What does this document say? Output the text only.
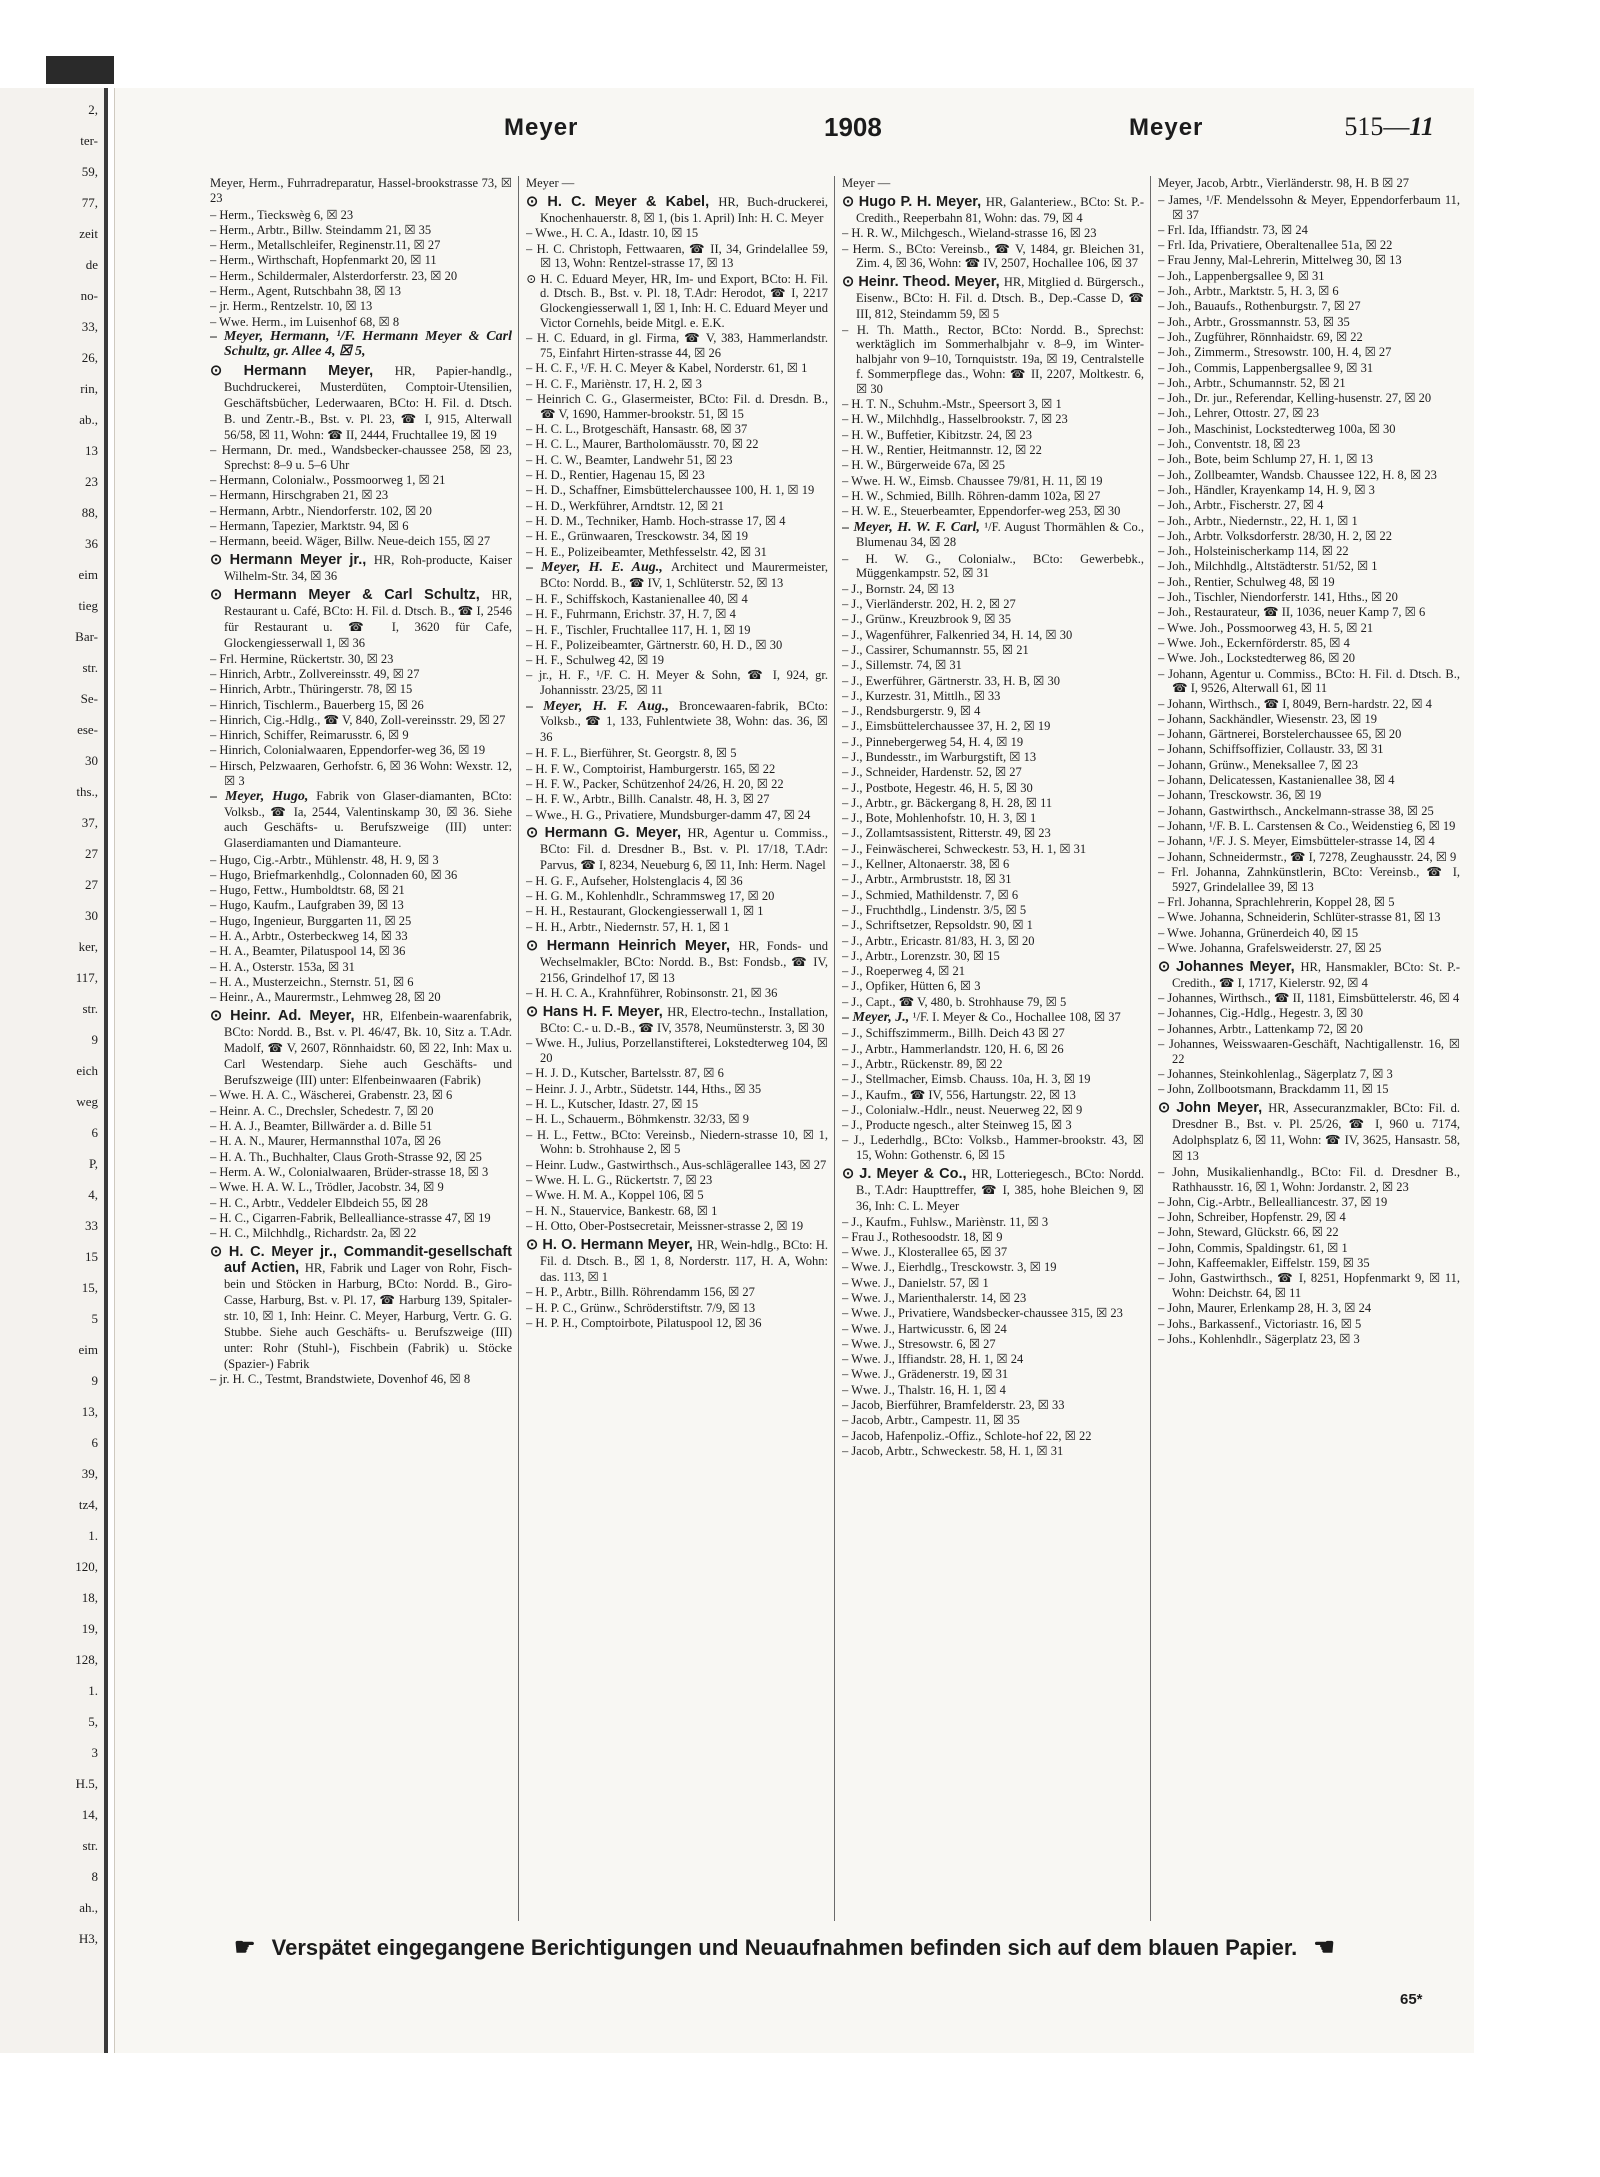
2,
ter-
59,
77,
zeit
de
no-
33,
26,
rin,
ab.,
13
23
88,
36
eim
tieg
Bar-
str.
Se-
ese-
30
ths.,
37,
27
27
30
ker,
117,
str.
9
eich
weg
6
P,
4,
33
15
15,
5
eim
9
13,
6
39,
tz4,
1.
120,
18,
19,
128,
1.
5,
3
H.5,
14,
str.
8
ah.,
H3,
Meyer	1908	Meyer	515—11
Meyer, Herm., Fuhrradreparatur, Hassel-brookstrasse 73, ☒ 23
– Herm., Tieckswèg 6, ☒ 23
– Herm., Arbtr., Billw. Steindamm 21, ☒ 35
– Herm., Metallschleifer, Reginenstr.11, ☒ 27
– Herm., Wirthschaft, Hopfenmarkt 20, ☒ 11
– Herm., Schildermaler, Alsterdorferstr. 23, ☒ 20
– Herm., Agent, Rutschbahn 38, ☒ 13
– jr. Herm., Rentzelstr. 10, ☒ 13
– Wwe. Herm., im Luisenhof 68, ☒ 8
– Meyer, Hermann, ¹/F. Hermann Meyer & Carl Schultz, gr. Allee 4, ☒ 5,
⊙ Hermann Meyer, HR, Papier-handlg., Buchdruckerei, Musterdüten, Comptoir-Utensilien, Geschäftsbücher, Lederwaaren, BCto: H. Fil. d. Dtsch. B. und Zentr.-B., Bst. v. Pl. 23, ☎ I, 915, Alterwall 56/58, ☒ 11, Wohn: ☎ II, 2444, Fruchtallee 19, ☒ 19
– Hermann, Dr. med., Wandsbecker-chaussee 258, ☒ 23, Sprechst: 8–9 u. 5–6 Uhr
– Hermann, Colonialw., Possmoorweg 1, ☒ 21
– Hermann, Hirschgraben 21, ☒ 23
– Hermann, Arbtr., Niendorferstr. 102, ☒ 20
– Hermann, Tapezier, Marktstr. 94, ☒ 6
– Hermann, beeid. Wäger, Billw. Neue-deich 155, ☒ 27
⊙ Hermann Meyer jr., HR, Roh-producte, Kaiser Wilhelm-Str. 34, ☒ 36
⊙ Hermann Meyer & Carl Schultz, HR, Restaurant u. Café, BCto: H. Fil. d. Dtsch. B., ☎ I, 2546 für Restaurant u. ☎ I, 3620 für Cafe, Glockengiesserwall 1, ☒ 36
– Frl. Hermine, Rückertstr. 30, ☒ 23
– Hinrich, Arbtr., Zollvereinsstr. 49, ☒ 27
– Hinrich, Arbtr., Thüringerstr. 78, ☒ 15
– Hinrich, Tischlerm., Bauerberg 15, ☒ 26
– Hinrich, Cig.-Hdlg., ☎ V, 840, Zoll-vereinsstr. 29, ☒ 27
– Hinrich, Schiffer, Reimarusstr. 6, ☒ 9
– Hinrich, Colonialwaaren, Eppendorfer-weg 36, ☒ 19
– Hirsch, Pelzwaaren, Gerhofstr. 6, ☒ 36 Wohn: Wexstr. 12, ☒ 3
– Meyer, Hugo, Fabrik von Glaser-diamanten, BCto: Volksb., ☎ Ia, 2544, Valentinskamp 30, ☒ 36. Siehe auch Geschäfts- u. Berufszweige (III) unter: Glaserdiamanten und Diamanteure.
– Hugo, Cig.-Arbtr., Mühlenstr. 48, H. 9, ☒ 3
– Hugo, Briefmarkenhdlg., Colonnaden 60, ☒ 36
– Hugo, Fettw., Humboldtstr. 68, ☒ 21
– Hugo, Kaufm., Laufgraben 39, ☒ 13
– Hugo, Ingenieur, Burggarten 11, ☒ 25
– H. A., Arbtr., Osterbeckweg 14, ☒ 33
– H. A., Beamter, Pilatuspool 14, ☒ 36
– H. A., Osterstr. 153a, ☒ 31
– H. A., Musterzeichn., Sternstr. 51, ☒ 6
– Heinr., A., Maurermstr., Lehmweg 28, ☒ 20
⊙ Heinr. Ad. Meyer, HR, Elfenbein-waarenfabrik, BCto: Nordd. B., Bst. v. Pl. 46/47, Bk. 10, Sitz a. T.Adr. Madolf, ☎ V, 2607, Rönnhaidstr. 60, ☒ 22, Inh: Max u. Carl Westendarp. Siehe auch Geschäfts- und Berufszweige (III) unter: Elfenbeinwaaren (Fabrik)
– Wwe. H. A. C., Wäscherei, Grabenstr. 23, ☒ 6
– Heinr. A. C., Drechsler, Schedestr. 7, ☒ 20
– H. A. J., Beamter, Billwärder a. d. Bille 51
– H. A. N., Maurer, Hermannsthal 107a, ☒ 26
– H. A. Th., Buchhalter, Claus Groth-Strasse 92, ☒ 25
– Herm. A. W., Colonialwaaren, Brüder-strasse 18, ☒ 3
– Wwe. H. A. W. L., Trödler, Jacobstr. 34, ☒ 9
– H. C., Arbtr., Veddeler Elbdeich 55, ☒ 28
– H. C., Cigarren-Fabrik, Bellealliance-strasse 47, ☒ 19
– H. C., Milchhdlg., Richardstr. 2a, ☒ 22
⊙ H. C. Meyer jr., Commandit-gesellschaft auf Actien, HR, Fabrik und Lager von Rohr, Fisch-bein und Stöcken in Harburg, BCto: Nordd. B., Giro-Casse, Harburg, Bst. v. Pl. 17, ☎ Harburg 139, Spitaler-str. 10, ☒ 1, Inh: Heinr. C. Meyer, Harburg, Vertr. G. G. Stubbe. Siehe auch Geschäfts- u. Berufszweige (III) unter: Rohr (Stuhl-), Fischbein (Fabrik) u. Stöcke (Spazier-) Fabrik
– jr. H. C., Testmt, Brandstwiete, Dovenhof 46, ☒ 8
Meyer —
⊙ H. C. Meyer & Kabel, HR, Buch-druckerei, Knochenhauerstr. 8, ☒ 1, (bis 1. April) Inh: H. C. Meyer
– Wwe., H. C. A., Idastr. 10, ☒ 15
– H. C. Christoph, Fettwaaren, ☎ II, 34, Grindelallee 59, ☒ 13, Wohn: Rentzel-strasse 17, ☒ 13
⊙ H. C. Eduard Meyer, HR, Im- und Export, BCto: H. Fil. d. Dtsch. B., Bst. v. Pl. 18, T.Adr: Herodot, ☎ I, 2217 Glockengiesserwall 1, ☒ 1, Inh: H. C. Eduard Meyer und Victor Cornehls, beide Mitgl. e. E.K.
– H. C. Eduard, in gl. Firma, ☎ V, 383, Hammerlandstr. 75, Einfahrt Hirten-strasse 44, ☒ 26
– H. C. F., ¹/F. H. C. Meyer & Kabel, Norderstr. 61, ☒ 1
– H. C. F., Mariènstr. 17, H. 2, ☒ 3
– Heinrich C. G., Glasermeister, BCto: Fil. d. Dresdn. B., ☎ V, 1690, Hammer-brookstr. 51, ☒ 15
– H. C. L., Brotgeschäft, Hansastr. 68, ☒ 37
– H. C. L., Maurer, Bartholomäusstr. 70, ☒ 22
– H. C. W., Beamter, Landwehr 51, ☒ 23
– H. D., Rentier, Hagenau 15, ☒ 23
– H. D., Schaffner, Eimsbüttelerchaussee 100, H. 1, ☒ 19
– H. D., Werkführer, Arndtstr. 12, ☒ 21
– H. D. M., Techniker, Hamb. Hoch-strasse 17, ☒ 4
– H. E., Grünwaaren, Tresckowstr. 34, ☒ 19
– H. E., Polizeibeamter, Methfesselstr. 42, ☒ 31
– Meyer, H. E. Aug., Architect und Maurermeister, BCto: Nordd. B., ☎ IV, 1, Schlüterstr. 52, ☒ 13
– H. F., Schiffskoch, Kastanienallee 40, ☒ 4
– H. F., Fuhrmann, Erichstr. 37, H. 7, ☒ 4
– H. F., Tischler, Fruchtallee 117, H. 1, ☒ 19
– H. F., Polizeibeamter, Gärtnerstr. 60, H. D., ☒ 30
– H. F., Schulweg 42, ☒ 19
– jr., H. F., ¹/F. C. H. Meyer & Sohn, ☎ I, 924, gr. Johannisstr. 23/25, ☒ 11
– Meyer, H. F. Aug., Broncewaaren-fabrik, BCto: Volksb., ☎ 1, 133, Fuhlentwiete 38, Wohn: das. 36, ☒ 36
– H. F. L., Bierführer, St. Georgstr. 8, ☒ 5
– H. F. W., Comptoirist, Hamburgerstr. 165, ☒ 22
– H. F. W., Packer, Schützenhof 24/26, H. 20, ☒ 22
– H. F. W., Arbtr., Billh. Canalstr. 48, H. 3, ☒ 27
– Wwe., H. G., Privatiere, Mundsburger-damm 47, ☒ 24
⊙ Hermann G. Meyer, HR, Agentur u. Commiss., BCto: Fil. d. Dresdner B., Bst. v. Pl. 17/18, T.Adr: Parvus, ☎ I, 8234, Neueburg 6, ☒ 11, Inh: Herm. Nagel
– H. G. F., Aufseher, Holstenglacis 4, ☒ 36
– H. G. M., Kohlenhdlr., Schrammsweg 17, ☒ 20
– H. H., Restaurant, Glockengiesserwall 1, ☒ 1
– H. H., Arbtr., Niedernstr. 57, H. 1, ☒ 1
⊙ Hermann Heinrich Meyer, HR, Fonds- und Wechselmakler, BCto: Nordd. B., Bst: Fondsb., ☎ IV, 2156, Grindelhof 17, ☒ 13
– H. H. C. A., Krahnführer, Robinsonstr. 21, ☒ 36
⊙ Hans H. F. Meyer, HR, Electro-techn., Installation, BCto: C.- u. D.-B., ☎ IV, 3578, Neumünsterstr. 3, ☒ 30
– Wwe. H., Julius, Porzellanstifterei, Lokstedterweg 104, ☒ 20
– H. J. D., Kutscher, Bartelsstr. 87, ☒ 6
– Heinr. J. J., Arbtr., Südetstr. 144, Hths., ☒ 35
– H. L., Kutscher, Idastr. 27, ☒ 15
– H. L., Schauerm., Böhmkenstr. 32/33, ☒ 9
– H. L., Fettw., BCto: Vereinsb., Niedern-strasse 10, ☒ 1, Wohn: b. Strohhause 2, ☒ 5
– Heinr. Ludw., Gastwirthsch., Aus-schlägerallee 143, ☒ 27
– Wwe. H. L. G., Rückertstr. 7, ☒ 23
– Wwe. H. M. A., Koppel 106, ☒ 5
– H. N., Stauervice, Bankestr. 68, ☒ 1
– H. Otto, Ober-Postsecretair, Meissner-strasse 2, ☒ 19
⊙ H. O. Hermann Meyer, HR, Wein-hdlg., BCto: H. Fil. d. Dtsch. B., ☒ 1, 8, Norderstr. 117, H. A, Wohn: das. 113, ☒ 1
– H. P., Arbtr., Billh. Röhrendamm 156, ☒ 27
– H. P. C., Grünw., Schröderstiftstr. 7/9, ☒ 13
– H. P. H., Comptoirbote, Pilatuspool 12, ☒ 36
Meyer —
⊙ Hugo P. H. Meyer, HR, Galanteriew., BCto: St. P.-Credith., Reeperbahn 81, Wohn: das. 79, ☒ 4
– H. R. W., Milchgesch., Wieland-strasse 16, ☒ 23
– Herm. S., BCto: Vereinsb., ☎ V, 1484, gr. Bleichen 31, Zim. 4, ☒ 36, Wohn: ☎ IV, 2507, Hochallee 106, ☒ 37
⊙ Heinr. Theod. Meyer, HR, Mitglied d. Bürgersch., Eisenw., BCto: H. Fil. d. Dtsch. B., Dep.-Casse D, ☎ III, 812, Steindamm 59, ☒ 5
– H. Th. Matth., Rector, BCto: Nordd. B., Sprechst: werktäglich im Sommerhalbjahr v. 8–9, im Winter-halbjahr von 9–10, Tornquiststr. 19a, ☒ 19, Centralstelle f. Sommerpflege das., Wohn: ☎ II, 2207, Moltkestr. 6, ☒ 30
– H. T. N., Schuhm.-Mstr., Speersort 3, ☒ 1
– H. W., Milchhdlg., Hasselbrookstr. 7, ☒ 23
– H. W., Buffetier, Kibitzstr. 24, ☒ 23
– H. W., Rentier, Heitmannstr. 12, ☒ 22
– H. W., Bürgerweide 67a, ☒ 25
– Wwe. H. W., Eimsb. Chaussee 79/81, H. 11, ☒ 19
– H. W., Schmied, Billh. Röhren-damm 102a, ☒ 27
– H. W. E., Steuerbeamter, Eppendorfer-weg 253, ☒ 30
– Meyer, H. W. F. Carl, ¹/F. August Thormählen & Co., Blumenau 34, ☒ 28
– H. W. G., Colonialw., BCto: Gewerbebk., Müggenkampstr. 52, ☒ 31
– J., Bornstr. 24, ☒ 13
– J., Vierländerstr. 202, H. 2, ☒ 27
– J., Grünw., Kreuzbrook 9, ☒ 35
– J., Wagenführer, Falkenried 34, H. 14, ☒ 30
– J., Cassirer, Schumannstr. 55, ☒ 21
– J., Sillemstr. 74, ☒ 31
– J., Ewerführer, Gärtnerstr. 33, H. B, ☒ 30
– J., Kurzestr. 31, Mittlh., ☒ 33
– J., Rendsburgerstr. 9, ☒ 4
– J., Eimsbüttelerchaussee 37, H. 2, ☒ 19
– J., Pinnebergerweg 54, H. 4, ☒ 19
– J., Bundesstr., im Warburgstift, ☒ 13
– J., Schneider, Hardenstr. 52, ☒ 27
– J., Postbote, Hegestr. 46, H. 5, ☒ 30
– J., Arbtr., gr. Bäckergang 8, H. 28, ☒ 11
– J., Bote, Mohlenhofstr. 10, H. 3, ☒ 1
– J., Zollamtsassistent, Ritterstr. 49, ☒ 23
– J., Feinwäscherei, Schweckestr. 53, H. 1, ☒ 31
– J., Kellner, Altonaerstr. 38, ☒ 6
– J., Arbtr., Armbruststr. 18, ☒ 31
– J., Schmied, Mathildenstr. 7, ☒ 6
– J., Fruchthdlg., Lindenstr. 3/5, ☒ 5
– J., Schriftsetzer, Repsoldstr. 90, ☒ 1
– J., Arbtr., Ericastr. 81/83, H. 3, ☒ 20
– J., Arbtr., Lorenzstr. 30, ☒ 15
– J., Roeperweg 4, ☒ 21
– J., Opfiker, Hütten 6, ☒ 3
– J., Capt., ☎ V, 480, b. Strohhause 79, ☒ 5
– Meyer, J., ¹/F. I. Meyer & Co., Hochallee 108, ☒ 37
– J., Schiffszimmerm., Billh. Deich 43 ☒ 27
– J., Arbtr., Hammerlandstr. 120, H. 6, ☒ 26
– J., Arbtr., Rückenstr. 89, ☒ 22
– J., Stellmacher, Eimsb. Chauss. 10a, H. 3, ☒ 19
– J., Kaufm., ☎ IV, 556, Hartungstr. 22, ☒ 13
– J., Colonialw.-Hdlr., neust. Neuerweg 22, ☒ 9
– J., Producte ngesch., alter Steinweg 15, ☒ 3
– J., Lederhdlg., BCto: Volksb., Hammer-brookstr. 43, ☒ 15, Wohn: Gothenstr. 6, ☒ 15
⊙ J. Meyer & Co., HR, Lotteriegesch., BCto: Nordd. B., T.Adr: Haupttreffer, ☎ I, 385, hohe Bleichen 9, ☒ 36, Inh: C. L. Meyer
– J., Kaufm., Fuhlsw., Mariènstr. 11, ☒ 3
– Frau J., Rothesoodstr. 18, ☒ 9
– Wwe. J., Klosterallee 65, ☒ 37
– Wwe. J., Eierhdlg., Tresckowstr. 3, ☒ 19
– Wwe. J., Danielstr. 57, ☒ 1
– Wwe. J., Marienthalerstr. 14, ☒ 23
– Wwe. J., Privatiere, Wandsbecker-chaussee 315, ☒ 23
– Wwe. J., Hartwicusstr. 6, ☒ 24
– Wwe. J., Stresowstr. 6, ☒ 27
– Wwe. J., Iffiandstr. 28, H. 1, ☒ 24
– Wwe. J., Grädenerstr. 19, ☒ 31
– Wwe. J., Thalstr. 16, H. 1, ☒ 4
– Jacob, Bierführer, Bramfelderstr. 23, ☒ 33
– Jacob, Arbtr., Campestr. 11, ☒ 35
– Jacob, Hafenpoliz.-Offiz., Schlote-hof 22, ☒ 22
– Jacob, Arbtr., Schweckestr. 58, H. 1, ☒ 31
Meyer, Jacob, Arbtr., Vierländerstr. 98, H. B ☒ 27
– James, ¹/F. Mendelssohn & Meyer, Eppendorferbaum 11, ☒ 37
– Frl. Ida, Iffiandstr. 73, ☒ 24
– Frl. Ida, Privatiere, Oberaltenallee 51a, ☒ 22
– Frau Jenny, Mal-Lehrerin, Mittelweg 30, ☒ 13
– Joh., Lappenbergsallee 9, ☒ 31
– Joh., Arbtr., Marktstr. 5, H. 3, ☒ 6
– Joh., Bauaufs., Rothenburgstr. 7, ☒ 27
– Joh., Arbtr., Grossmannstr. 53, ☒ 35
– Joh., Zugführer, Rönnhaidstr. 69, ☒ 22
– Joh., Zimmerm., Stresowstr. 100, H. 4, ☒ 27
– Joh., Commis, Lappenbergsallee 9, ☒ 31
– Joh., Arbtr., Schumannstr. 52, ☒ 21
– Joh., Dr. jur., Referendar, Kelling-husenstr. 27, ☒ 20
– Joh., Lehrer, Ottostr. 27, ☒ 23
– Joh., Maschinist, Lockstedterweg 100a, ☒ 30
– Joh., Conventstr. 18, ☒ 23
– Joh., Bote, beim Schlump 27, H. 1, ☒ 13
– Joh., Zollbeamter, Wandsb. Chaussee 122, H. 8, ☒ 23
– Joh., Händler, Krayenkamp 14, H. 9, ☒ 3
– Joh., Arbtr., Fischerstr. 27, ☒ 4
– Joh., Arbtr., Niedernstr., 22, H. 1, ☒ 1
– Joh., Arbtr. Volksdorferstr. 28/30, H. 2, ☒ 22
– Joh., Holsteinischerkamp 114, ☒ 22
– Joh., Milchhdlg., Altstädterstr. 51/52, ☒ 1
– Joh., Rentier, Schulweg 48, ☒ 19
– Joh., Tischler, Niendorferstr. 141, Hths., ☒ 20
– Joh., Restaurateur, ☎ II, 1036, neuer Kamp 7, ☒ 6
– Wwe. Joh., Possmoorweg 43, H. 5, ☒ 21
– Wwe. Joh., Eckernförderstr. 85, ☒ 4
– Wwe. Joh., Lockstedterweg 86, ☒ 20
– Johann, Agentur u. Commiss., BCto: H. Fil. d. Dtsch. B., ☎ I, 9526, Alterwall 61, ☒ 11
– Johann, Wirthsch., ☎ I, 8049, Bern-hardstr. 22, ☒ 4
– Johann, Sackhändler, Wiesenstr. 23, ☒ 19
– Johann, Gärtnerei, Borstelerchaussee 65, ☒ 20
– Johann, Schiffsoffizier, Collaustr. 33, ☒ 31
– Johann, Grünw., Meneksallee 7, ☒ 23
– Johann, Delicatessen, Kastanienallee 38, ☒ 4
– Johann, Tresckowstr. 36, ☒ 19
– Johann, Gastwirthsch., Anckelmann-strasse 38, ☒ 25
– Johann, ¹/F. B. L. Carstensen & Co., Weidenstieg 6, ☒ 19
– Johann, ¹/F. J. S. Meyer, Eimsbütteler-strasse 14, ☒ 4
– Johann, Schneidermstr., ☎ I, 7278, Zeughausstr. 24, ☒ 9
– Frl. Johanna, Zahnkünstlerin, BCto: Vereinsb., ☎ I, 5927, Grindelallee 39, ☒ 13
– Frl. Johanna, Sprachlehrerin, Koppel 28, ☒ 5
– Wwe. Johanna, Schneiderin, Schlüter-strasse 81, ☒ 13
– Wwe. Johanna, Grünerdeich 40, ☒ 15
– Wwe. Johanna, Grafelsweiderstr. 27, ☒ 25
⊙ Johannes Meyer, HR, Hansmakler, BCto: St. P.-Credith., ☎ I, 1717, Kielerstr. 92, ☒ 4
– Johannes, Wirthsch., ☎ II, 1181, Eimsbüttelerstr. 46, ☒ 4
– Johannes, Cig.-Hdlg., Hegestr. 3, ☒ 30
– Johannes, Arbtr., Lattenkamp 72, ☒ 20
– Johannes, Weisswaaren-Geschäft, Nachtigallenstr. 16, ☒ 22
– Johannes, Steinkohlenlag., Sägerplatz 7, ☒ 3
– John, Zollbootsmann, Brackdamm 11, ☒ 15
⊙ John Meyer, HR, Assecuranzmakler, BCto: Fil. d. Dresdner B., Bst. v. Pl. 25/26, ☎ I, 960 u. 7174, Adolphsplatz 6, ☒ 11, Wohn: ☎ IV, 3625, Hansastr. 58, ☒ 13
– John, Musikalienhandlg., BCto: Fil. d. Dresdner B., Rathhausstr. 16, ☒ 1, Wohn: Jordanstr. 2, ☒ 23
– John, Cig.-Arbtr., Bellealliancestr. 37, ☒ 19
– John, Schreiber, Hopfenstr. 29, ☒ 4
– John, Steward, Glückstr. 66, ☒ 22
– John, Commis, Spaldingstr. 61, ☒ 1
– John, Kaffeemakler, Eiffelstr. 159, ☒ 35
– John, Gastwirthsch., ☎ I, 8251, Hopfenmarkt 9, ☒ 11, Wohn: Deichstr. 64, ☒ 11
– John, Maurer, Erlenkamp 28, H. 3, ☒ 24
– Johs., Barkassenf., Victoriastr. 16, ☒ 5
– Johs., Kohlenhdlr., Sägerplatz 23, ☒ 3
☛ Verspätet eingegangene Berichtigungen und Neuaufnahmen befinden sich auf dem blauen Papier. ☚
65*
